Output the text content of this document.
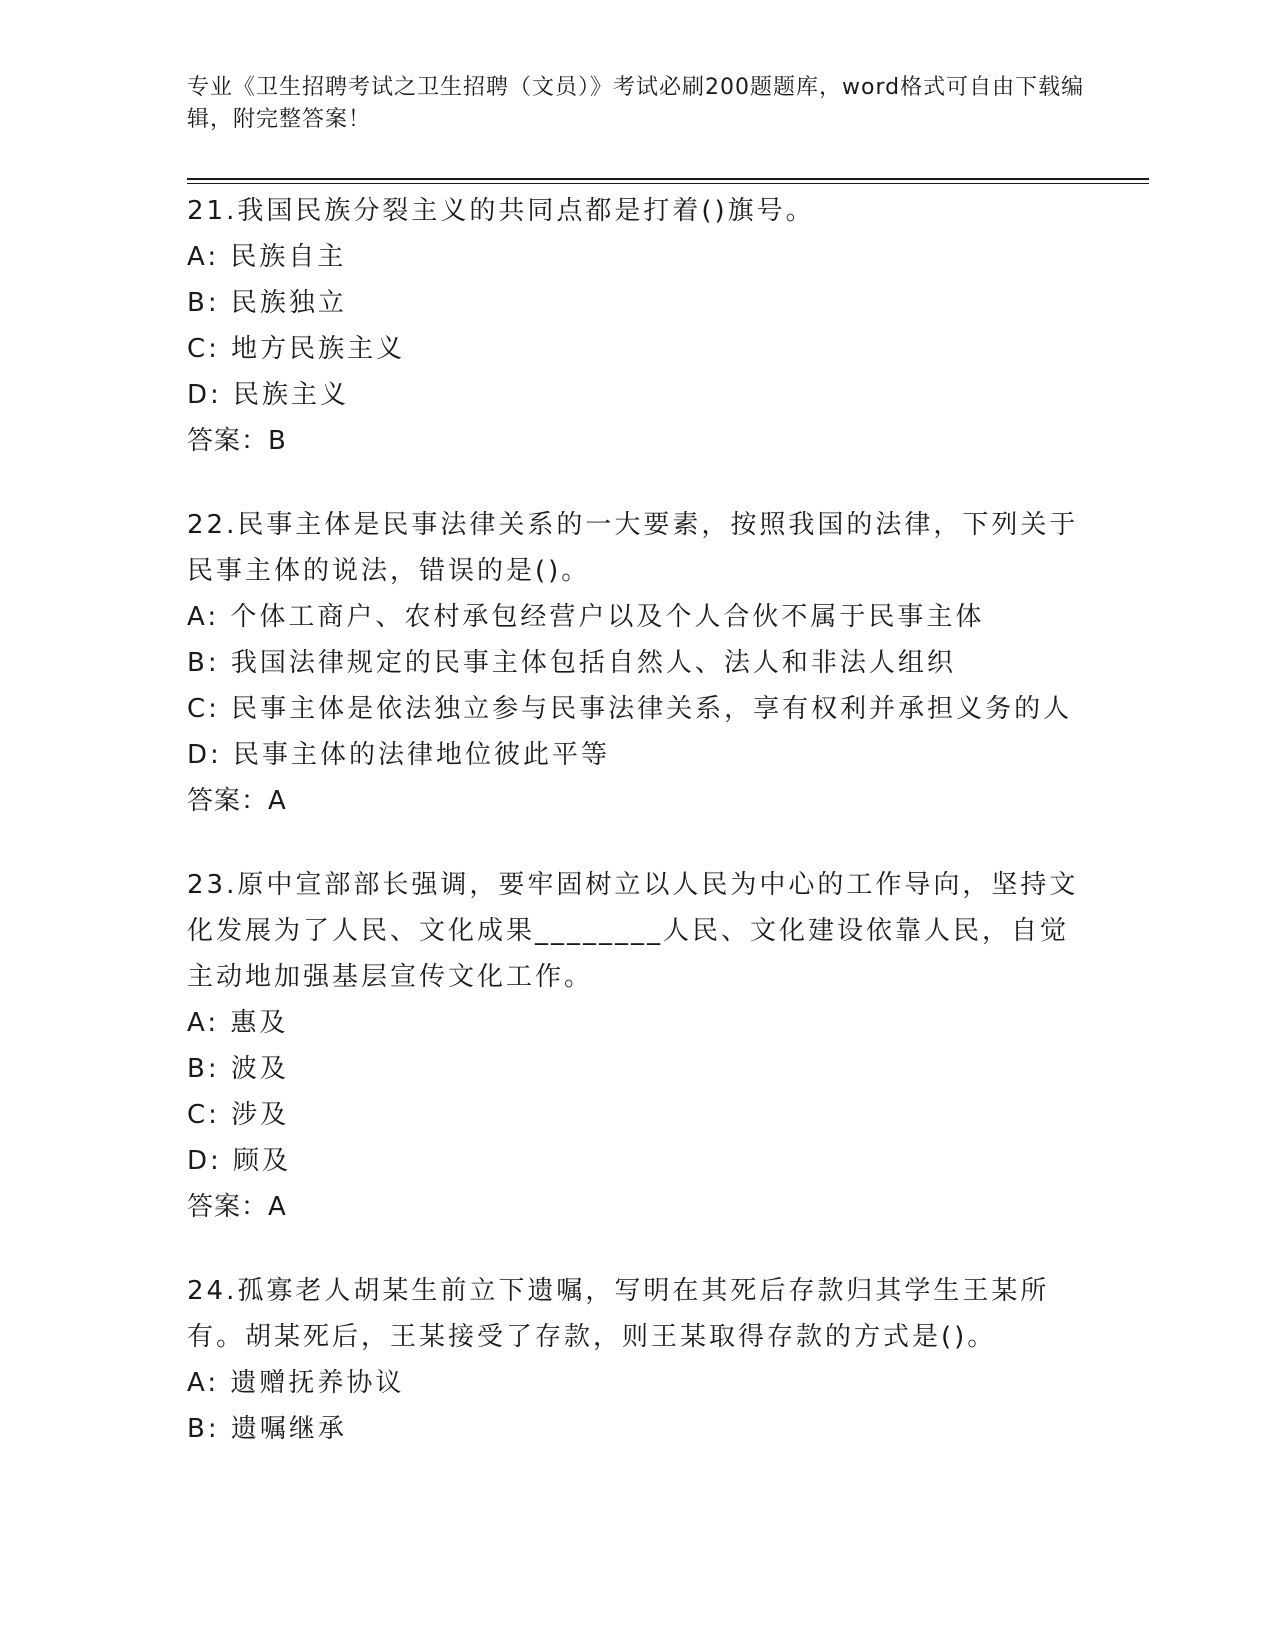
专业《卫生招聘考试之卫生招聘（文员）》考试必刷200题题库，word格式可自由下载编辑，附完整答案！
21.我国民族分裂主义的共同点都是打着()旗号。
A: 民族自主
B: 民族独立
C: 地方民族主义
D: 民族主义
答案：B
22.民事主体是民事法律关系的一大要素，按照我国的法律，下列关于民事主体的说法，错误的是()。
A: 个体工商户、农村承包经营户以及个人合伙不属于民事主体
B: 我国法律规定的民事主体包括自然人、法人和非法人组织
C: 民事主体是依法独立参与民事法律关系，享有权利并承担义务的人
D: 民事主体的法律地位彼此平等
答案：A
23.原中宣部部长强调，要牢固树立以人民为中心的工作导向，坚持文化发展为了人民、文化成果________人民、文化建设依靠人民，自觉主动地加强基层宣传文化工作。
A: 惠及
B: 波及
C: 涉及
D: 顾及
答案：A
24.孤寡老人胡某生前立下遗嘱，写明在其死后存款归其学生王某所有。胡某死后，王某接受了存款，则王某取得存款的方式是()。
A: 遗赠抚养协议
B: 遗嘱继承
